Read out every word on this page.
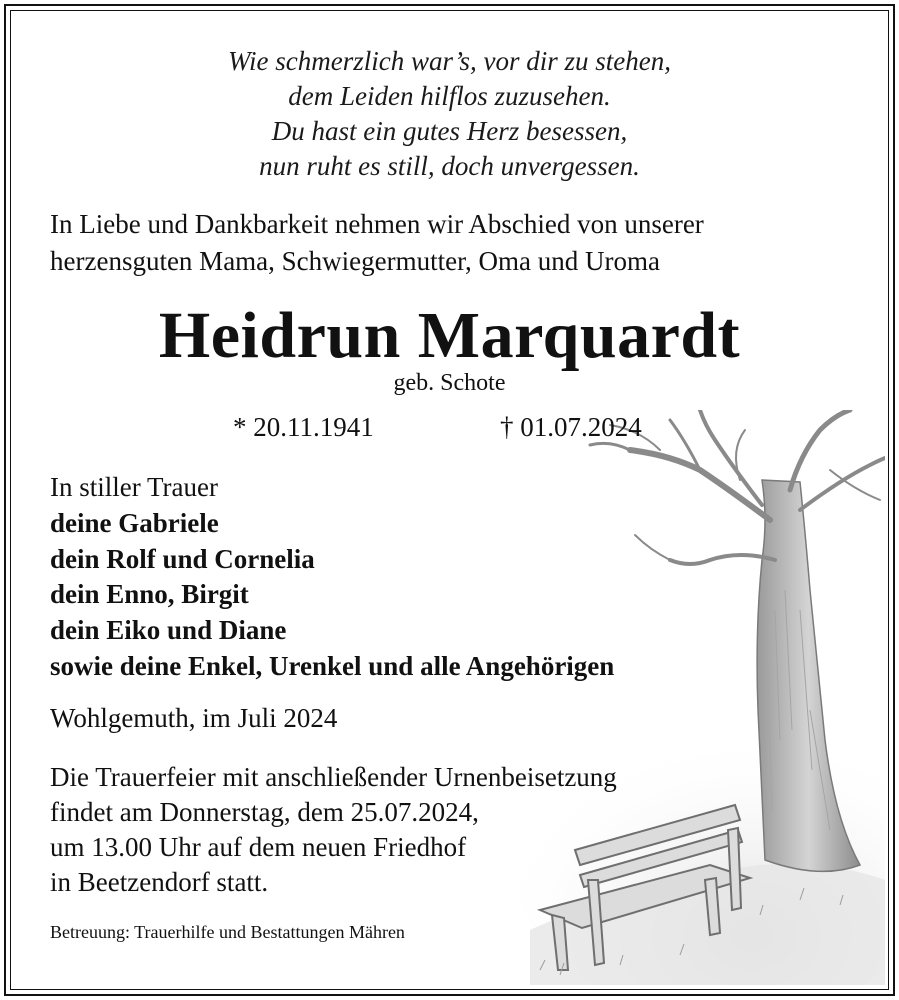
Wie schmerzlich war’s, vor dir zu stehen,
dem Leiden hilflos zuzusehen.
Du hast ein gutes Herz besessen,
nun ruht es still, doch unvergessen.
In Liebe und Dankbarkeit nehmen wir Abschied von unserer
herzensguten Mama, Schwiegermutter, Oma und Uroma
Heidrun Marquardt
geb. Schote
* 20.11.1941	† 01.07.2024
In stiller Trauer
deine Gabriele
dein Rolf und Cornelia
dein Enno, Birgit
dein Eiko und Diane
sowie deine Enkel, Urenkel und alle Angehörigen
Wohlgemuth, im Juli 2024
Die Trauerfeier mit anschließender Urnenbeisetzung
findet am Donnerstag, dem 25.07.2024,
um 13.00 Uhr auf dem neuen Friedhof
in Beetzendorf statt.
Betreuung: Trauerhilfe und Bestattungen Mähren
